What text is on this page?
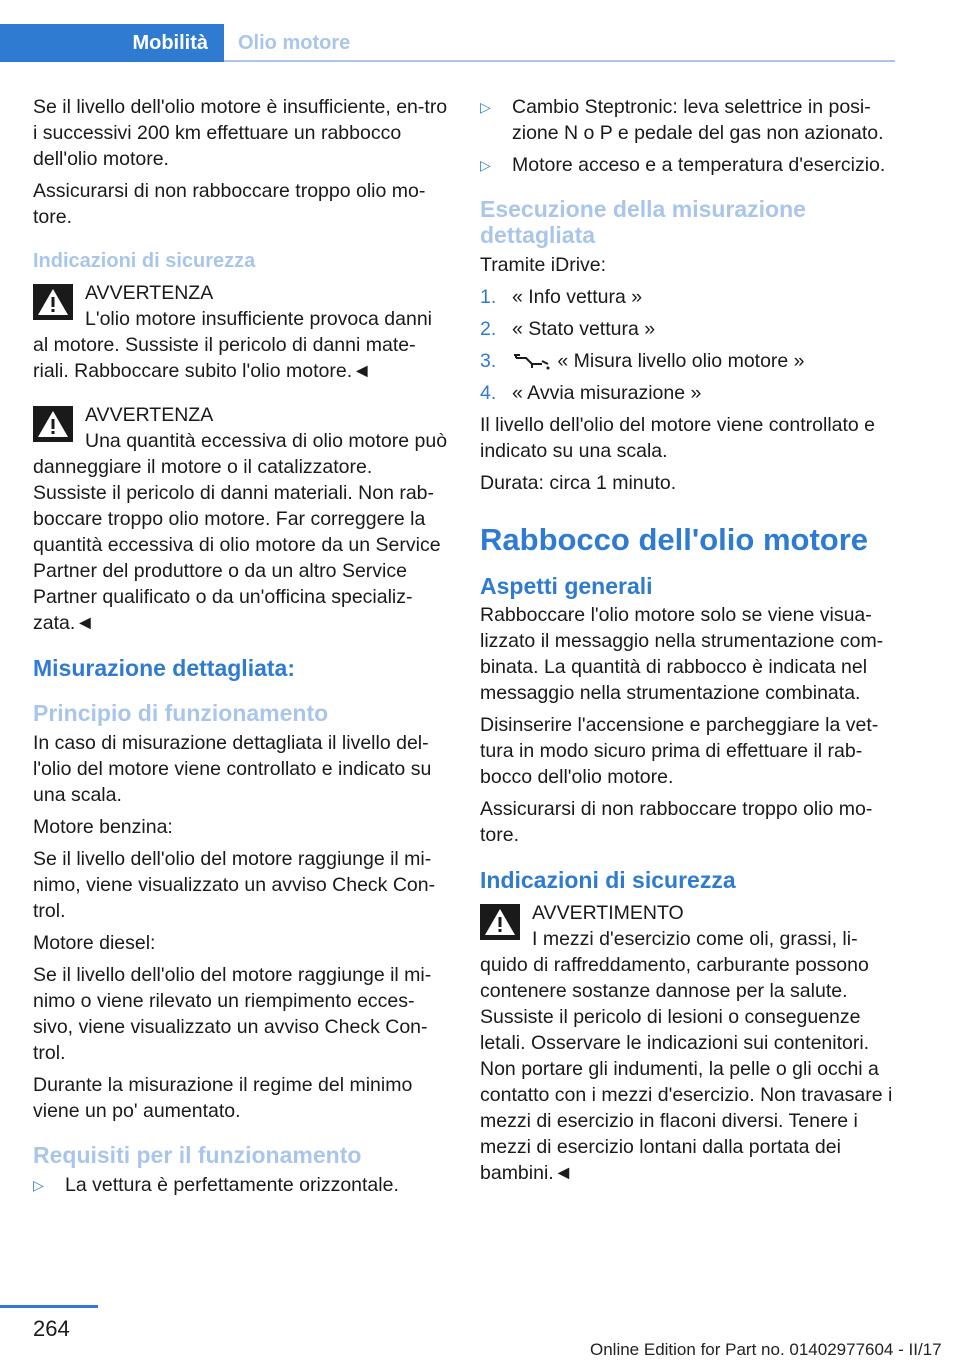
Mobilità	Olio motore

Se il livello dell'olio motore è insufficiente, en-tro i successivi 200 km effettuare un rabbocco dell'olio motore.

Assicurarsi di non rabboccare troppo olio mo-tore.

Indicazioni di sicurezza
AVVERTENZA
L'olio motore insufficiente provoca danni al motore. Sussiste il pericolo di danni mate-riali. Rabboccare subito l'olio motore.◄
AVVERTENZA
Una quantità eccessiva di olio motore può danneggiare il motore o il catalizzatore. Sussiste il pericolo di danni materiali. Non rab-boccare troppo olio motore. Far correggere la quantità eccessiva di olio motore da un Service Partner del produttore o da un altro Service Partner qualificato o da un'officina specializ-zata.◄
Misurazione dettagliata:
Principio di funzionamento

In caso di misurazione dettagliata il livello del-l'olio del motore viene controllato e indicato su una scala.

Motore benzina:

Se il livello dell'olio del motore raggiunge il mi-nimo, viene visualizzato un avviso Check Con-trol.

Motore diesel:

Se il livello dell'olio del motore raggiunge il mi-nimo o viene rilevato un riempimento ecces-sivo, viene visualizzato un avviso Check Con-trol.

Durante la misurazione il regime del minimo viene un po' aumentato.

Requisiti per il funzionamento
▷ La vettura è perfettamente orizzontale.
▷ Cambio Steptronic: leva selettrice in posi-zione N o P e pedale del gas non azionato.
▷ Motore acceso e a temperatura d'esercizio.
Esecuzione della misurazione dettagliata

Tramite iDrive:

1. « Info vettura »
2. « Stato vettura »
3.	« Misura livello olio motore »
4. « Avvia misurazione »

Il livello dell'olio del motore viene controllato e indicato su una scala.

Durata: circa 1 minuto.

Rabbocco dell'olio motore
Aspetti generali

Rabboccare l'olio motore solo se viene visua-lizzato il messaggio nella strumentazione com-binata. La quantità di rabbocco è indicata nel messaggio nella strumentazione combinata.

Disinserire l'accensione e parcheggiare la vet-tura in modo sicuro prima di effettuare il rab-bocco dell'olio motore.

Assicurarsi di non rabboccare troppo olio mo-tore.

Indicazioni di sicurezza
AVVERTIMENTO
I mezzi d'esercizio come oli, grassi, li-quido di raffreddamento, carburante possono contenere sostanze dannose per la salute. Sussiste il pericolo di lesioni o conseguenze letali. Osservare le indicazioni sui contenitori. Non portare gli indumenti, la pelle o gli occhi a contatto con i mezzi d'esercizio. Non travasare i mezzi di esercizio in flaconi diversi. Tenere i mezzi di esercizio lontani dalla portata dei bambini.◄
264
Online Edition for Part no. 01402977604 - II/17
